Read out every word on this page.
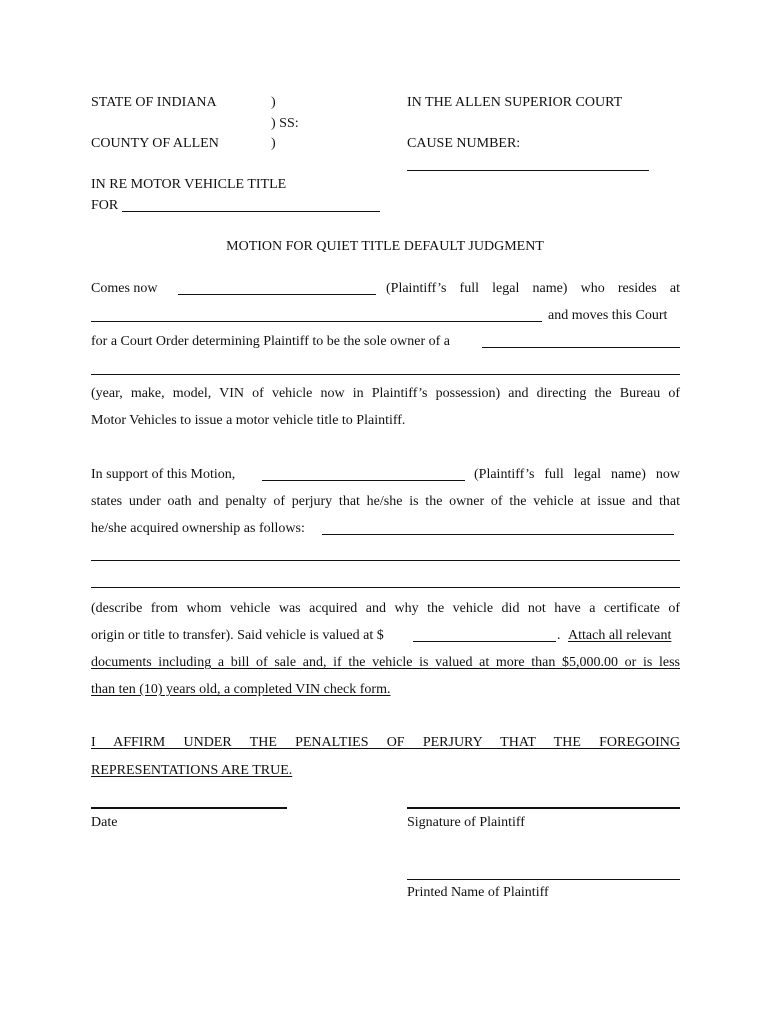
STATE OF INDIANA	)
) SS:
)
COUNTY OF ALLEN
IN THE ALLEN SUPERIOR COURT
CAUSE NUMBER:
IN RE MOTOR VEHICLE TITLE
FOR
MOTION FOR QUIET TITLE DEFAULT JUDGMENT
Comes now	(Plaintiff’s full legal name) who resides at
and moves this Court
for a Court Order determining Plaintiff to be the sole owner of a
(year, make, model, VIN of vehicle now in Plaintiff’s possession) and directing the Bureau of
Motor Vehicles to issue a motor vehicle title to Plaintiff.
In support of this Motion,	(Plaintiff’s full legal name) now
states under oath and penalty of perjury that he/she is the owner of the vehicle at issue and that
he/she acquired ownership as follows:
(describe from whom vehicle was acquired and why the vehicle did not have a certificate of
origin or title to transfer). Said vehicle is valued at $	. Attach all relevant
documents including a bill of sale and, if the vehicle is valued at more than $5,000.00 or is less
than ten (10) years old, a completed VIN check form.
I AFFIRM UNDER THE PENALTIES OF PERJURY THAT THE FOREGOING
REPRESENTATIONS ARE TRUE.
Date	Signature of Plaintiff
Printed Name of Plaintiff
